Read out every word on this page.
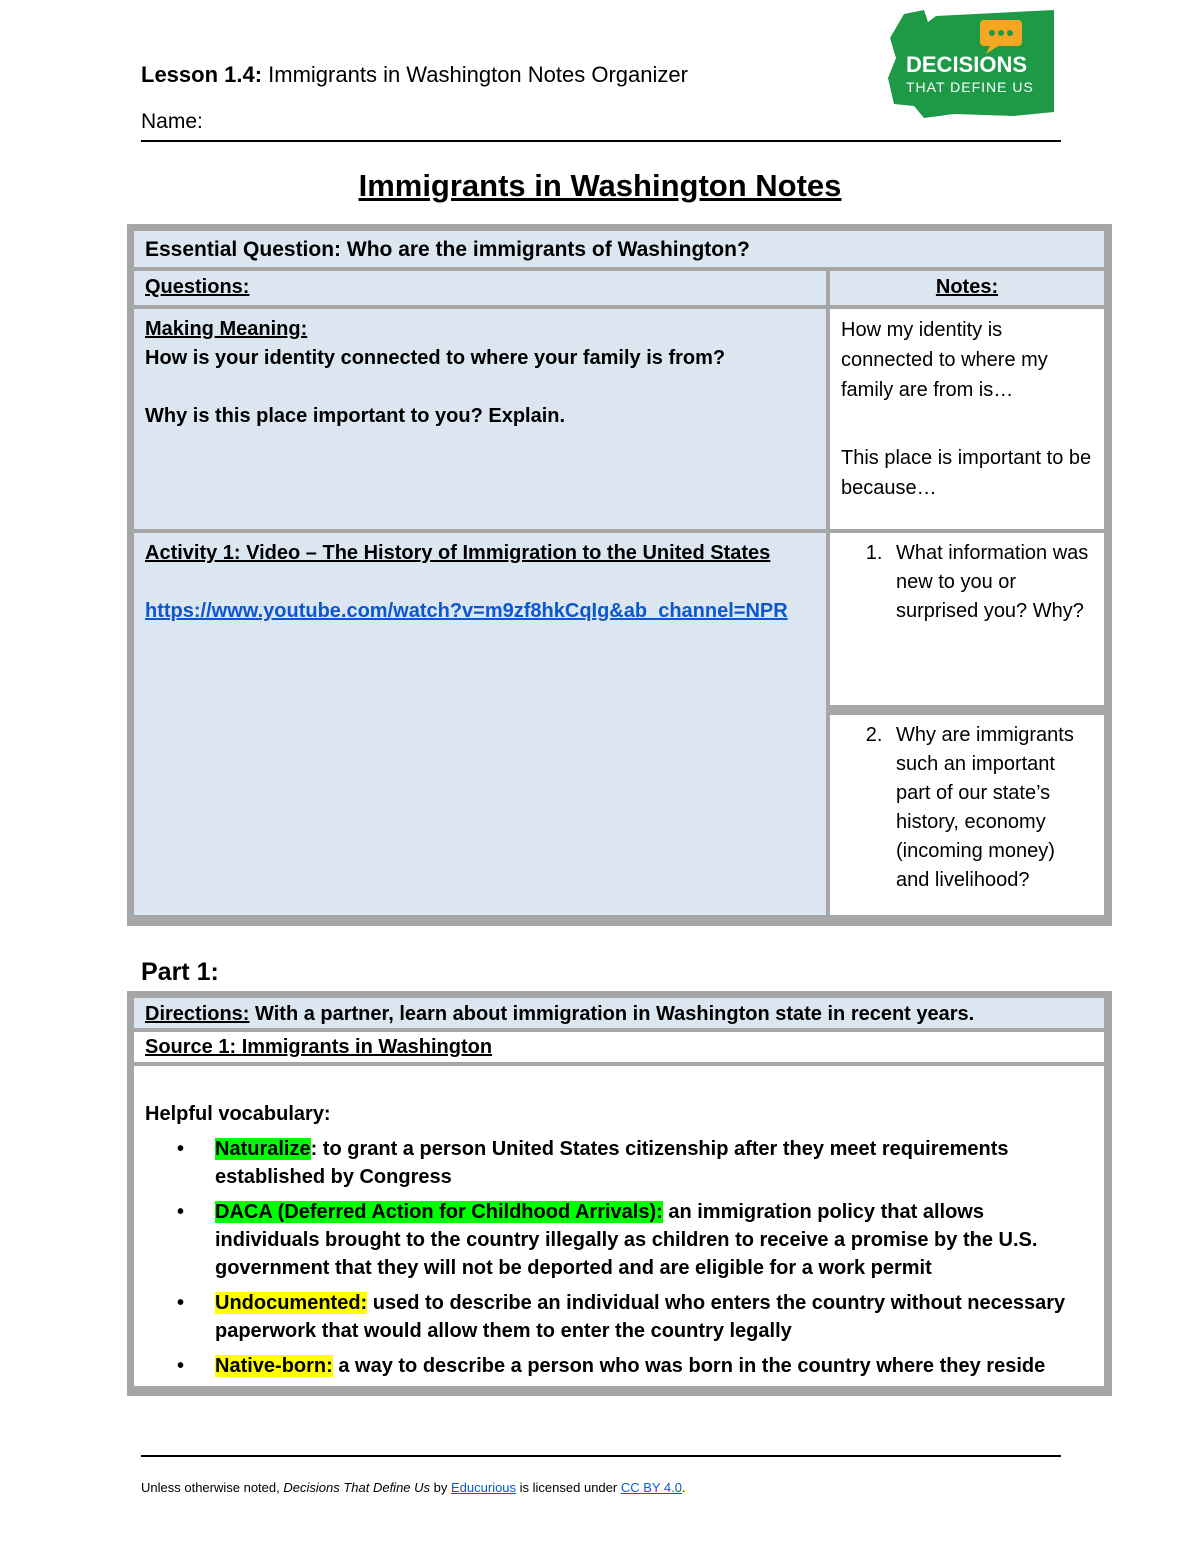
Lesson 1.4: Immigrants in Washington Notes Organizer
Name:
DECISIONS
THAT DEFINE US
Immigrants in Washington Notes
Essential Question: Who are the immigrants of Washington?
Questions:	Notes:
Making Meaning:
How is your identity connected to where your family is from?
Why is this place important to you? Explain.
How my identity is connected to where my family are from is…
This place is important to be because…
Activity 1: Video – The History of Immigration to the United States
https://www.youtube.com/watch?v=m9zf8hkCqIg&ab_channel=NPR
1. What information was new to you or surprised you? Why?
2. Why are immigrants such an important part of our state’s history, economy (incoming money) and livelihood?
Part 1:
Directions: With a partner, learn about immigration in Washington state in recent years.
Source 1: Immigrants in Washington
Helpful vocabulary:
• Naturalize: to grant a person United States citizenship after they meet requirements established by Congress
• DACA (Deferred Action for Childhood Arrivals): an immigration policy that allows individuals brought to the country illegally as children to receive a promise by the U.S. government that they will not be deported and are eligible for a work permit
• Undocumented: used to describe an individual who enters the country without necessary paperwork that would allow them to enter the country legally
• Native-born: a way to describe a person who was born in the country where they reside
Unless otherwise noted, Decisions That Define Us by Educurious is licensed under CC BY 4.0.
